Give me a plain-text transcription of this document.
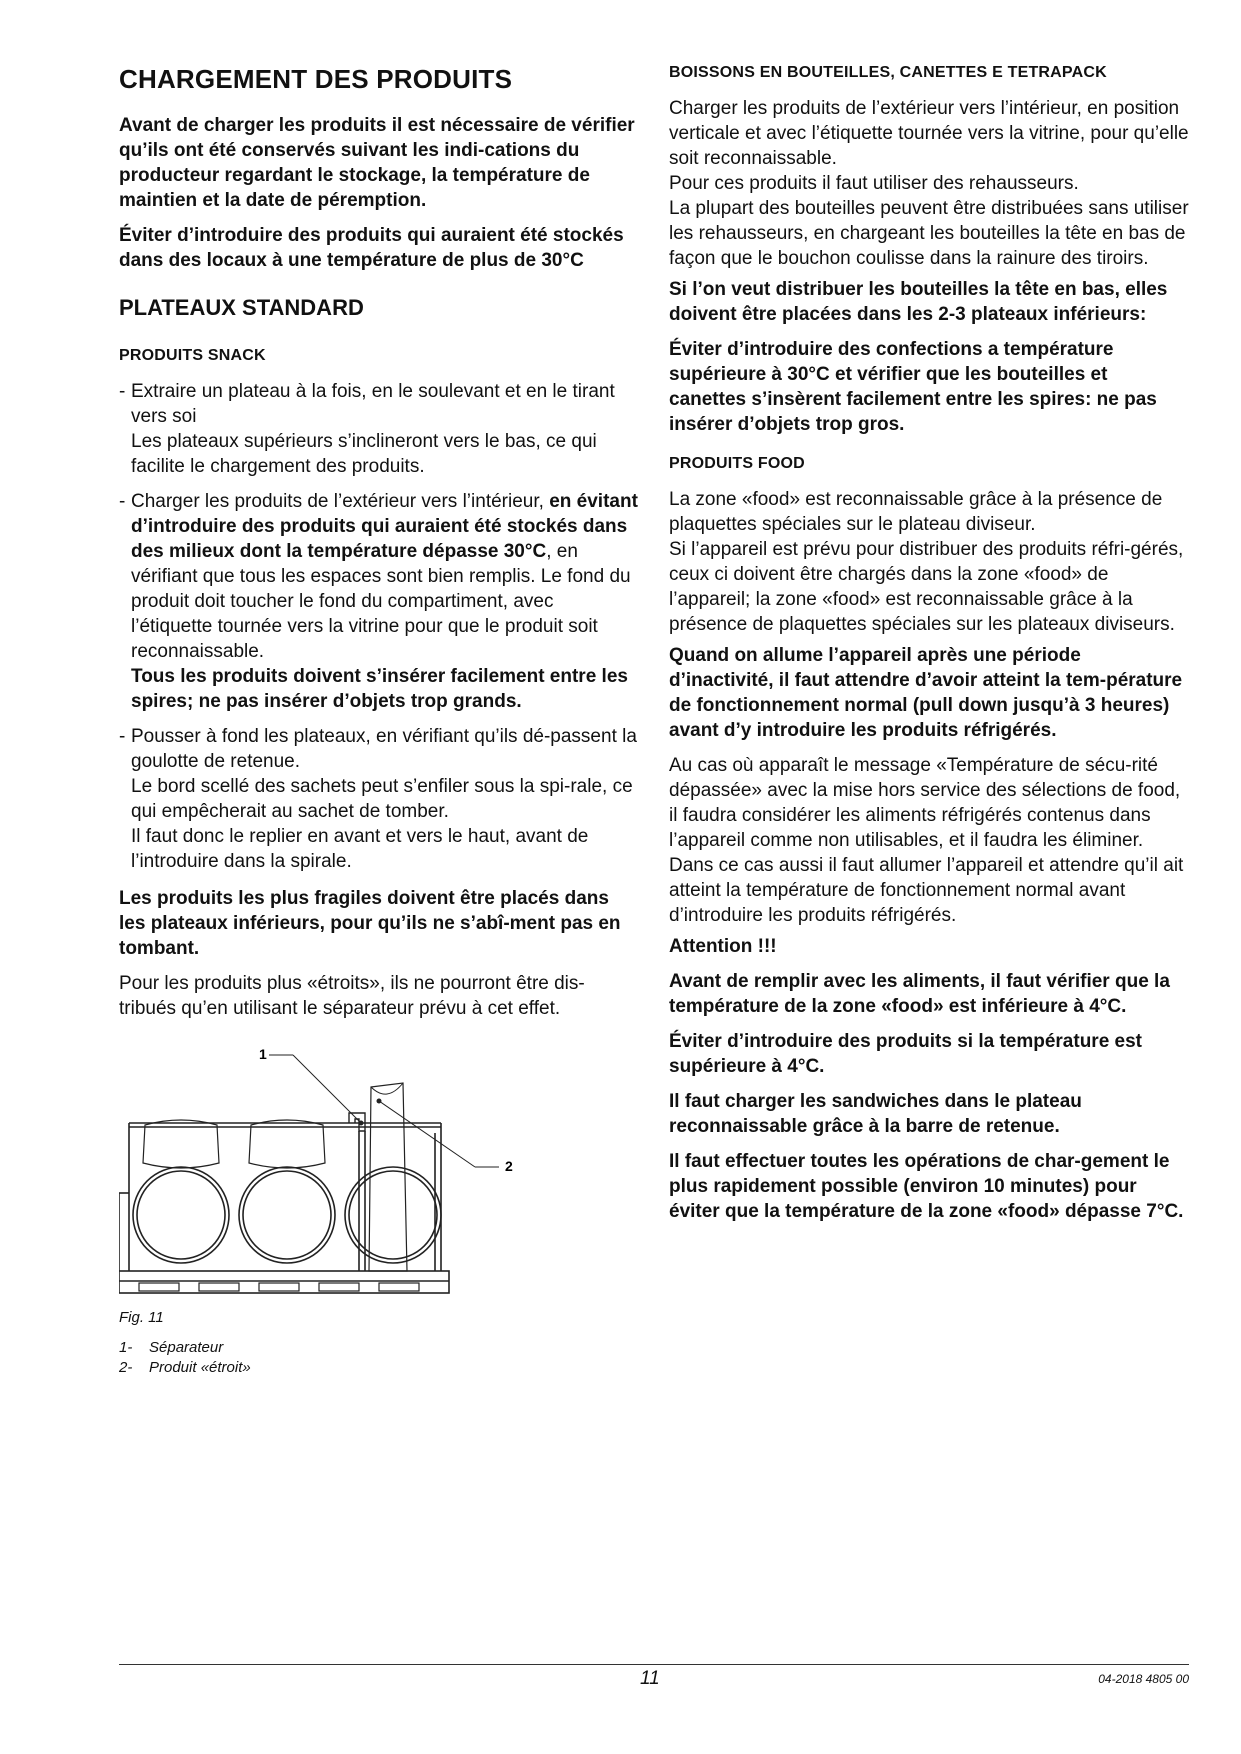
CHARGEMENT DES PRODUITS

Avant de charger les produits il est nécessaire de vérifier qu’ils ont été conservés suivant les indi-cations du producteur regardant le stockage, la température de maintien et la date de péremption.

Éviter d’introduire des produits qui auraient été stockés dans des locaux à une température de plus de 30°C

PLATEAUX STANDARD
PRODUITS SNACK
- Extraire un plateau à la fois, en le soulevant et en le tirant vers soi
Les plateaux supérieurs s’inclineront vers le bas, ce qui facilite le chargement des produits.
- Charger les produits de l’extérieur vers l’intérieur, en évitant d’introduire des produits qui auraient été stockés dans des milieux dont la température dépasse 30°C, en vérifiant que tous les espaces sont bien remplis. Le fond du produit doit toucher le fond du compartiment, avec l’étiquette tournée vers la vitrine pour que le produit soit reconnaissable.
Tous les produits doivent s’insérer facilement entre les spires; ne pas insérer d’objets trop grands.
- Pousser à fond les plateaux, en vérifiant qu’ils dé-passent la goulotte de retenue.
Le bord scellé des sachets peut s’enfiler sous la spi-rale, ce qui empêcherait au sachet de tomber.
Il faut donc le replier en avant et vers le haut, avant de l’introduire dans la spirale.

Les produits les plus fragiles doivent être placés dans les plateaux inférieurs, pour qu’ils ne s’abî-ment pas en tombant.

Pour les produits plus «étroits», ils ne pourront être dis-tribués qu’en utilisant le séparateur prévu à cet effet.

1
2
Fig. 11
1- Séparateur
2- Produit «étroit»
BOISSONS EN BOUTEILLES, CANETTES E TETRAPACK

Charger les produits de l’extérieur vers l’intérieur, en position verticale et avec l’étiquette tournée vers la vitrine, pour qu’elle soit reconnaissable.
Pour ces produits il faut utiliser des rehausseurs.
La plupart des bouteilles peuvent être distribuées sans utiliser les rehausseurs, en chargeant les bouteilles la tête en bas de façon que le bouchon coulisse dans la rainure des tiroirs.

Si l’on veut distribuer les bouteilles la tête en bas, elles doivent être placées dans les 2-3 plateaux inférieurs:

Éviter d’introduire des confections a température supérieure à 30°C et vérifier que les bouteilles et canettes s’insèrent facilement entre les spires: ne pas insérer d’objets trop gros.

PRODUITS FOOD

La zone «food» est reconnaissable grâce à la présence de plaquettes spéciales sur le plateau diviseur.
Si l’appareil est prévu pour distribuer des produits réfri-gérés, ceux ci doivent être chargés dans la zone «food» de l’appareil; la zone «food» est reconnaissable grâce à la présence de plaquettes spéciales sur les plateaux diviseurs.

Quand on allume l’appareil après une période d’inactivité, il faut attendre d’avoir atteint la tem-pérature de fonctionnement normal (pull down jusqu’à 3 heures) avant d’y introduire les produits réfrigérés.

Au cas où apparaît le message «Température de sécu-rité dépassée» avec la mise hors service des sélections de food, il faudra considérer les aliments réfrigérés contenus dans l’appareil comme non utilisables, et il faudra les éliminer.
Dans ce cas aussi il faut allumer l’appareil et attendre qu’il ait atteint la température de fonctionnement normal avant d’introduire les produits réfrigérés.

Attention !!!

Avant de remplir avec les aliments, il faut vérifier que la température de la zone «food» est inférieure à 4°C.

Éviter d’introduire des produits si la température est supérieure à 4°C.

Il faut charger les sandwiches dans le plateau reconnaissable grâce à la barre de retenue.

Il faut effectuer toutes les opérations de char-gement le plus rapidement possible (environ 10 minutes) pour éviter que la température de la zone «food» dépasse 7°C.

11	04-2018 4805 00
